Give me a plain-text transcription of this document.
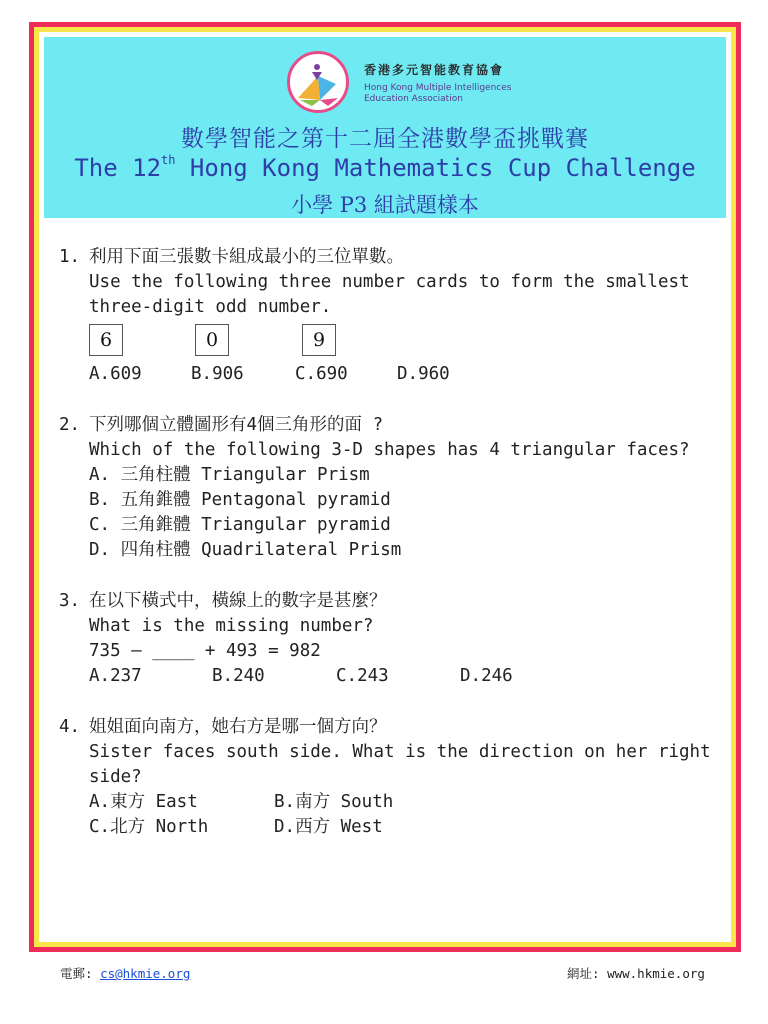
香港多元智能教育協會
Hong Kong Multiple Intelligences
Education Association
數學智能之第十二屆全港數學盃挑戰賽
The 12th Hong Kong Mathematics Cup Challenge
小學 P3 組試題樣本
1. 利用下面三張數卡組成最小的三位單數。
Use the following three number cards to form the smallest
three-digit odd number.
6	0	9
A.609	B.906	C.690	D.960
2. 下列哪個立體圖形有4個三角形的面 ?
Which of the following 3-D shapes has 4 triangular faces?
A. 三角柱體 Triangular Prism
B. 五角錐體 Pentagonal pyramid
C. 三角錐體 Triangular pyramid
D. 四角柱體 Quadrilateral Prism
3. 在以下橫式中，橫線上的數字是甚麼？
What is the missing number?
735 – ____ + 493 = 982
A.237	B.240	C.243	D.246
4. 姐姐面向南方，她右方是哪一個方向？
Sister faces south side. What is the direction on her right
side?
A.東方 East	B.南方 South
C.北方 North	D.西方 West
電郵: cs@hkmie.org	網址: www.hkmie.org
